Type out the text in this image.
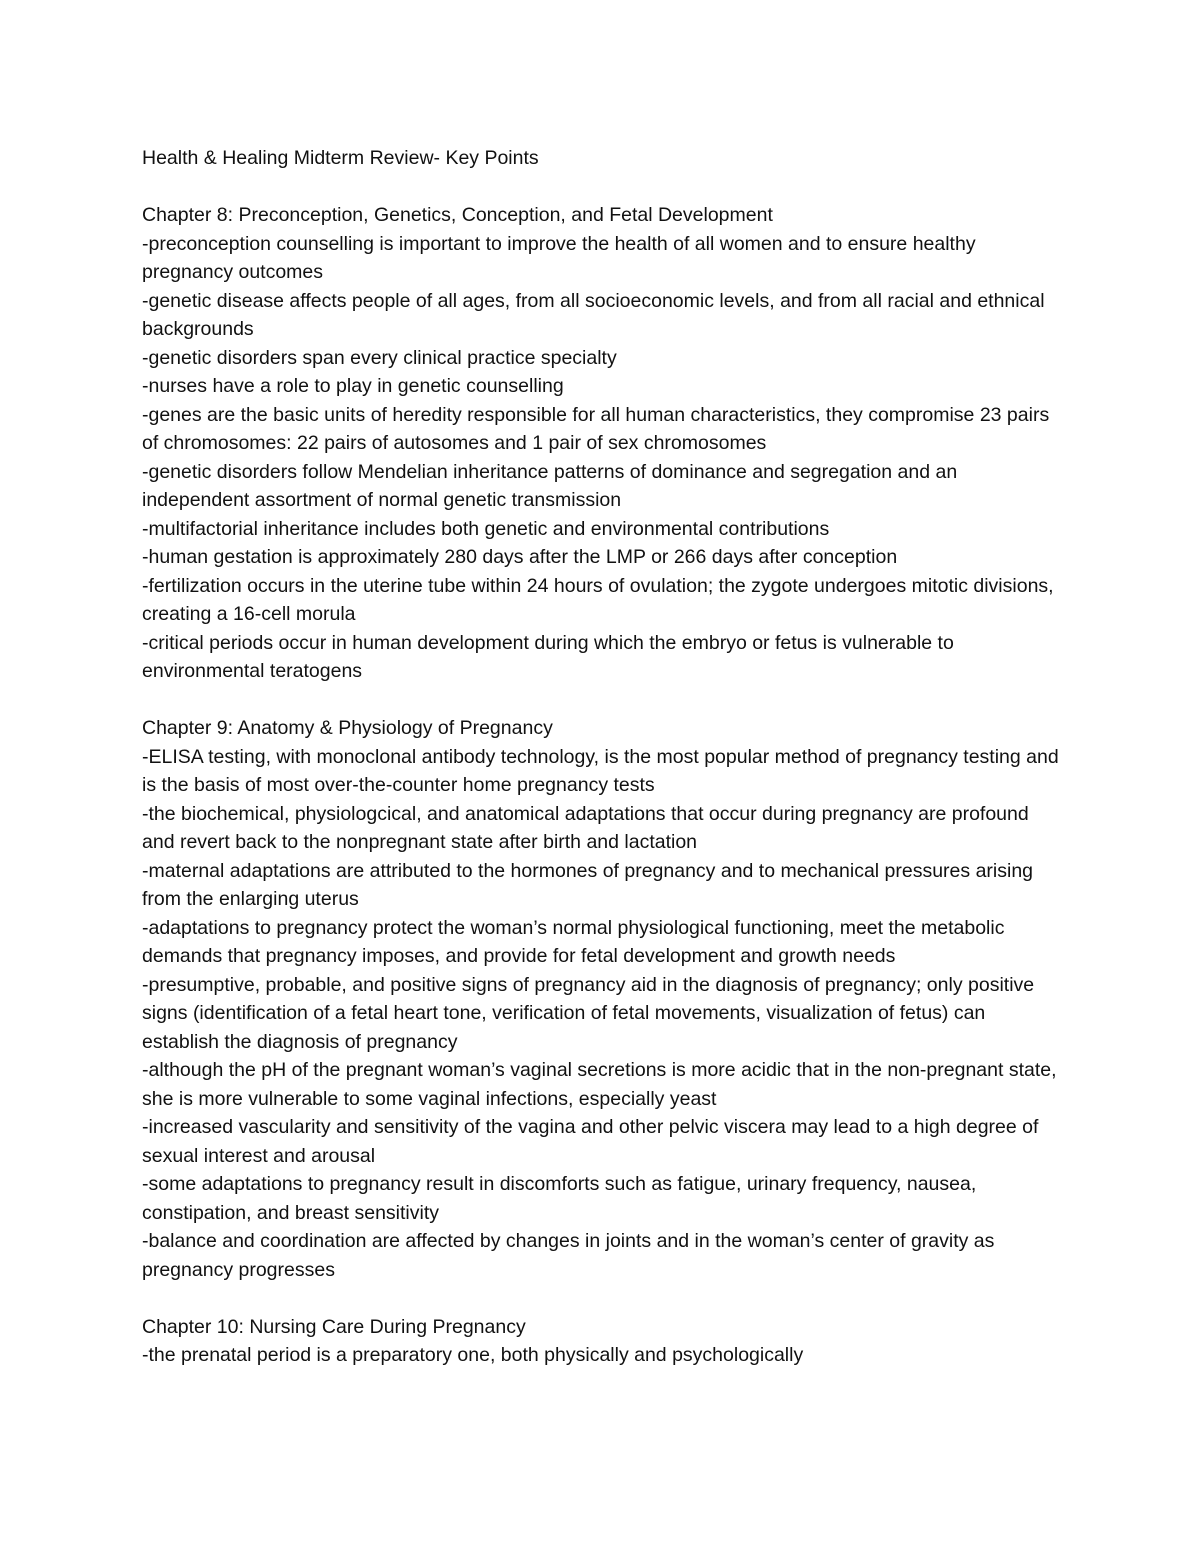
Health & Healing Midterm Review- Key Points

Chapter 8: Preconception, Genetics, Conception, and Fetal Development

-preconception counselling is important to improve the health of all women and to ensure healthy pregnancy outcomes

-genetic disease affects people of all ages, from all socioeconomic levels, and from all racial and ethnical backgrounds

-genetic disorders span every clinical practice specialty

-nurses have a role to play in genetic counselling

-genes are the basic units of heredity responsible for all human characteristics, they compromise 23 pairs of chromosomes: 22 pairs of autosomes and 1 pair of sex chromosomes

-genetic disorders follow Mendelian inheritance patterns of dominance and segregation and an independent assortment of normal genetic transmission

-multifactorial inheritance includes both genetic and environmental contributions

-human gestation is approximately 280 days after the LMP or 266 days after conception

-fertilization occurs in the uterine tube within 24 hours of ovulation; the zygote undergoes mitotic divisions, creating a 16-cell morula

-critical periods occur in human development during which the embryo or fetus is vulnerable to environmental teratogens

Chapter 9: Anatomy & Physiology of Pregnancy

-ELISA testing, with monoclonal antibody technology, is the most popular method of pregnancy testing and is the basis of most over-the-counter home pregnancy tests

-the biochemical, physiologcical, and anatomical adaptations that occur during pregnancy are profound and revert back to the nonpregnant state after birth and lactation

-maternal adaptations are attributed to the hormones of pregnancy and to mechanical pressures arising from the enlarging uterus

-adaptations to pregnancy protect the woman’s normal physiological functioning, meet the metabolic demands that pregnancy imposes, and provide for fetal development and growth needs

-presumptive, probable, and positive signs of pregnancy aid in the diagnosis of pregnancy; only positive signs (identification of a fetal heart tone, verification of fetal movements, visualization of fetus) can establish the diagnosis of pregnancy

-although the pH of the pregnant woman’s vaginal secretions is more acidic that in the non-pregnant state, she is more vulnerable to some vaginal infections, especially yeast

-increased vascularity and sensitivity of the vagina and other pelvic viscera may lead to a high degree of sexual interest and arousal

-some adaptations to pregnancy result in discomforts such as fatigue, urinary frequency, nausea, constipation, and breast sensitivity

-balance and coordination are affected by changes in joints and in the woman’s center of gravity as pregnancy progresses

Chapter 10: Nursing Care During Pregnancy

-the prenatal period is a preparatory one, both physically and psychologically
